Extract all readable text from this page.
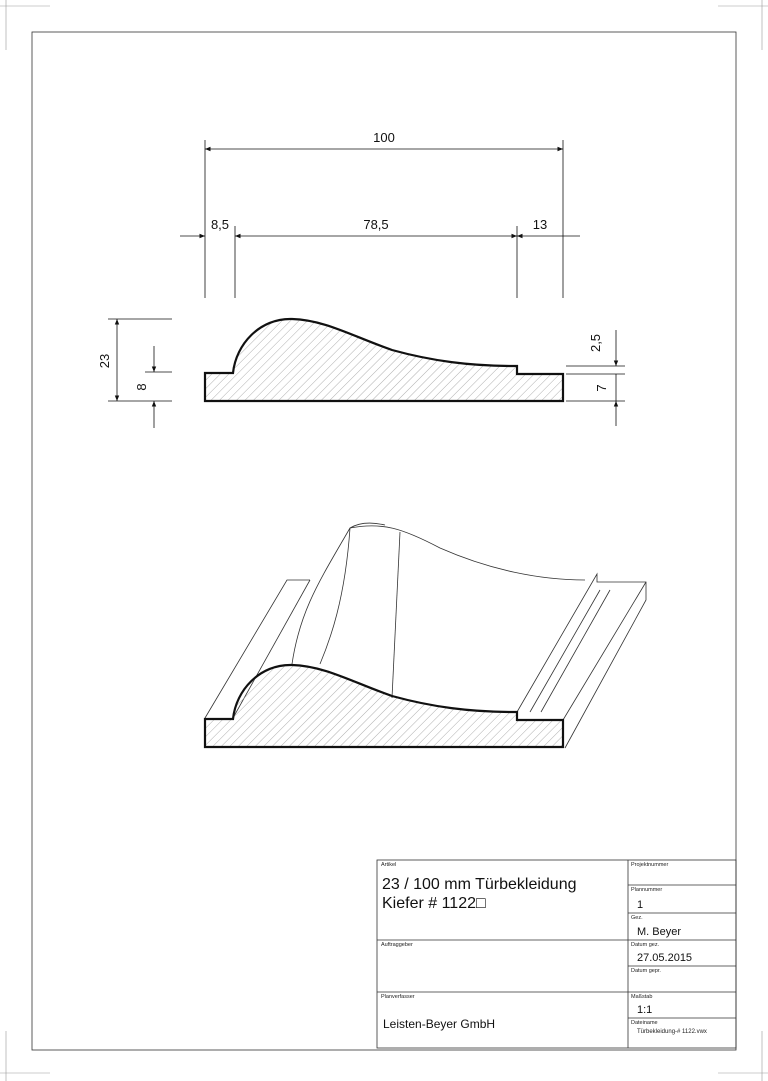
100
8,5	78,5	13
23
8
2,5
7
Artikel
23 / 100 mm Türbekleidung
Kiefer # 1122□
Projektnummer
Plannummer
1
Gez.
M. Beyer
Auftraggeber	Datum gez.
27.05.2015
Datum gepr.
Planverfasser
Leisten-Beyer GmbH
Maßstab
1:1
Dateiname
Türbekleidung-# 1122.vwx
